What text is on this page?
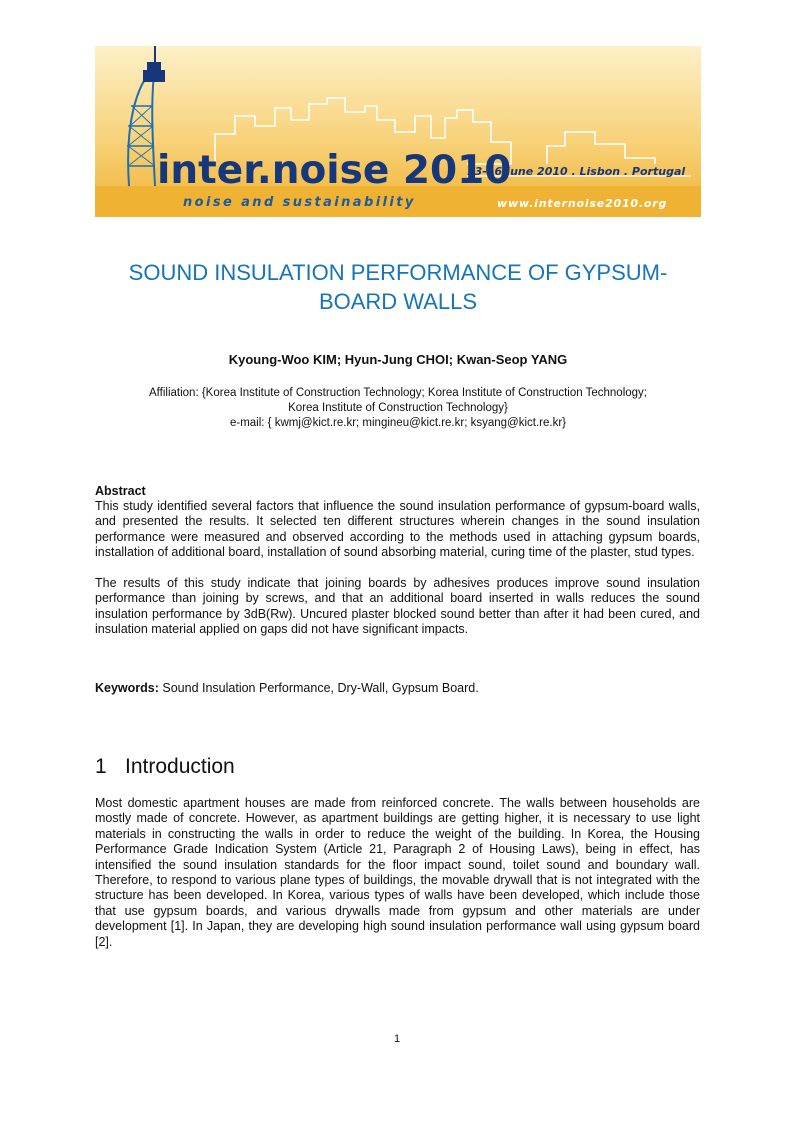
inter.noise 2010
noise and sustainability
13-16 June 2010 . Lisbon . Portugal
www.internoise2010.org
SOUND INSULATION PERFORMANCE OF GYPSUM-BOARD WALLS

Kyoung-Woo KIM; Hyun-Jung CHOI; Kwan-Seop YANG

Affiliation: {Korea Institute of Construction Technology; Korea Institute of Construction Technology;
Korea Institute of Construction Technology}
e-mail: { kwmj@kict.re.kr; mingineu@kict.re.kr; ksyang@kict.re.kr}

Abstract

This study identified several factors that influence the sound insulation performance of gypsum-board walls, and presented the results. It selected ten different structures wherein changes in the sound insulation performance were measured and observed according to the methods used in attaching gypsum boards, installation of additional board, installation of sound absorbing material, curing time of the plaster, stud types.

The results of this study indicate that joining boards by adhesives produces improve sound insulation performance than joining by screws, and that an additional board inserted in walls reduces the sound insulation performance by 3dB(Rw). Uncured plaster blocked sound better than after it had been cured, and insulation material applied on gaps did not have significant impacts.

Keywords: Sound Insulation Performance, Dry-Wall, Gypsum Board.

1 Introduction

Most domestic apartment houses are made from reinforced concrete. The walls between households are mostly made of concrete. However, as apartment buildings are getting higher, it is necessary to use light materials in constructing the walls in order to reduce the weight of the building. In Korea, the Housing Performance Grade Indication System (Article 21, Paragraph 2 of Housing Laws), being in effect, has intensified the sound insulation standards for the floor impact sound, toilet sound and boundary wall. Therefore, to respond to various plane types of buildings, the movable drywall that is not integrated with the structure has been developed. In Korea, various types of walls have been developed, which include those that use gypsum boards, and various drywalls made from gypsum and other materials are under development [1]. In Japan, they are developing high sound insulation performance wall using gypsum board [2].

1
